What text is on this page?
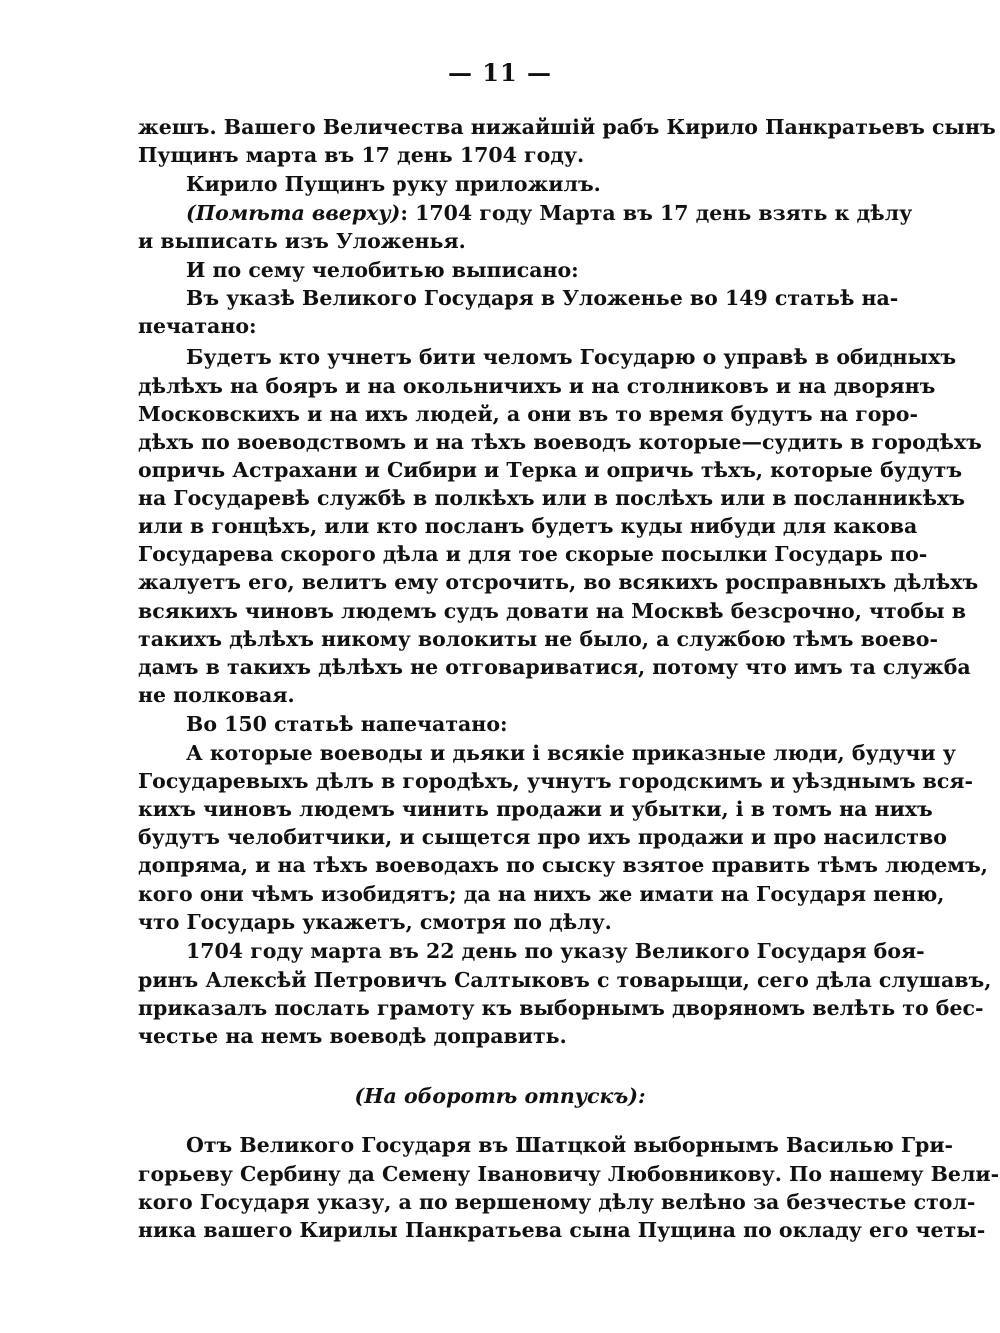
— 11 —
жешъ. Вашего Величества нижайшій рабъ Кирило Панкратьевъ сынъ
Пущинъ марта въ 17 день 1704 году.
Кирило Пущинъ руку приложилъ.
(Помѣта вверху): 1704 году Марта въ 17 день взять к дѣлу
и выписать изъ Уложенья.
И по сему челобитью выписано:
Въ указѣ Великого Государя в Уложенье во 149 статьѣ на-
печатано:
Будетъ кто учнетъ бити челомъ Государю о управѣ в обидныхъ
дѣлѣхъ на бояръ и на окольничихъ и на столниковъ и на дворянъ
Московскихъ и на ихъ людей, а они въ то время будутъ на горо-
дѣхъ по воеводствомъ и на тѣхъ воеводъ которые—судить в городѣхъ
опричь Астрахани и Сибири и Терка и опричь тѣхъ, которые будутъ
на Государевѣ службѣ в полкѣхъ или в послѣхъ или в посланникѣхъ
или в гонцѣхъ, или кто посланъ будетъ куды нибуди для какова
Государева скорого дѣла и для тое скорые посылки Государь по-
жалуетъ его, велитъ ему отсрочить, во всякихъ росправныхъ дѣлѣхъ
всякихъ чиновъ людемъ судъ довати на Москвѣ безсрочно, чтобы в
такихъ дѣлѣхъ никому волокиты не было, а службою тѣмъ воево-
дамъ в такихъ дѣлѣхъ не отговариватися, потому что имъ та служба
не полковая.
Во 150 статьѣ напечатано:
А которые воеводы и дьяки і всякіе приказные люди, будучи у
Государевыхъ дѣлъ в городѣхъ, учнутъ городскимъ и уѣзднымъ вся-
кихъ чиновъ людемъ чинить продажи и убытки, і в томъ на нихъ
будутъ челобитчики, и сыщется про ихъ продажи и про насилство
допряма, и на тѣхъ воеводахъ по сыску взятое править тѣмъ людемъ,
кого они чѣмъ изобидятъ; да на нихъ же имати на Государя пеню,
что Государь укажетъ, смотря по дѣлу.
1704 году марта въ 22 день по указу Великого Государя боя-
ринъ Алексѣй Петровичъ Салтыковъ с товарыщи, сего дѣла слушавъ,
приказалъ послать грамоту къ выборнымъ дворяномъ велѣть то бес-
честье на немъ воеводѣ доправить.
(На оборотѣ отпускъ):
Отъ Великого Государя въ Шатцкой выборнымъ Василью Гри-
горьеву Сербину да Семену Івановичу Любовникову. По нашему Вели-
кого Государя указу, а по вершеному дѣлу велѣно за безчестье стол-
ника вашего Кирилы Панкратьева сына Пущина по окладу его четы-
